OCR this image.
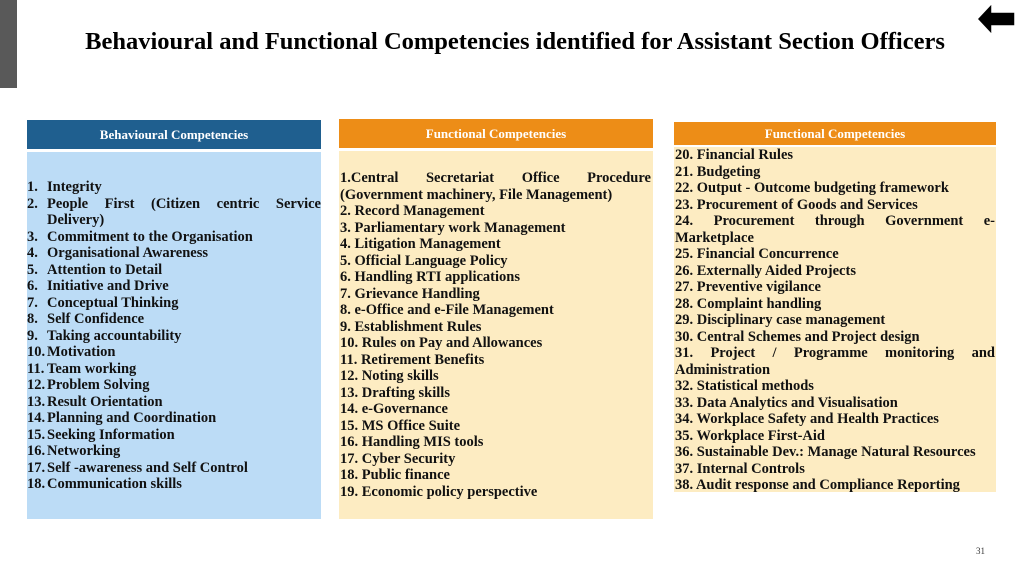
Behavioural and Functional Competencies identified for Assistant Section Officers
Behavioural Competencies
1. Integrity
2. People First (Citizen centric Service Delivery)
3. Commitment to the Organisation
4. Organisational Awareness
5. Attention to Detail
6. Initiative and Drive
7. Conceptual Thinking
8. Self Confidence
9. Taking accountability
10. Motivation
11. Team working
12. Problem Solving
13. Result Orientation
14. Planning and Coordination
15. Seeking Information
16. Networking
17. Self -awareness and Self Control
18. Communication skills
Functional Competencies
1.Central Secretariat Office Procedure (Government machinery, File Management)
2. Record Management
3. Parliamentary work Management
4. Litigation Management
5. Official Language Policy
6. Handling RTI applications
7. Grievance Handling
8. e-Office and e-File Management
9. Establishment Rules
10. Rules on Pay and Allowances
11. Retirement Benefits
12. Noting skills
13. Drafting skills
14. e-Governance
15. MS Office Suite
16. Handling MIS tools
17. Cyber Security
18. Public finance
19. Economic policy perspective
Functional Competencies
20. Financial Rules
21. Budgeting
22. Output - Outcome budgeting framework
23. Procurement of Goods and Services
24. Procurement through Government e-Marketplace
25. Financial Concurrence
26. Externally Aided Projects
27. Preventive vigilance
28. Complaint handling
29. Disciplinary case management
30. Central Schemes and Project design
31. Project / Programme monitoring and Administration
32. Statistical methods
33. Data Analytics and Visualisation
34. Workplace Safety and Health Practices
35. Workplace First-Aid
36. Sustainable Dev.: Manage Natural Resources
37. Internal Controls
38. Audit response and Compliance Reporting
31
